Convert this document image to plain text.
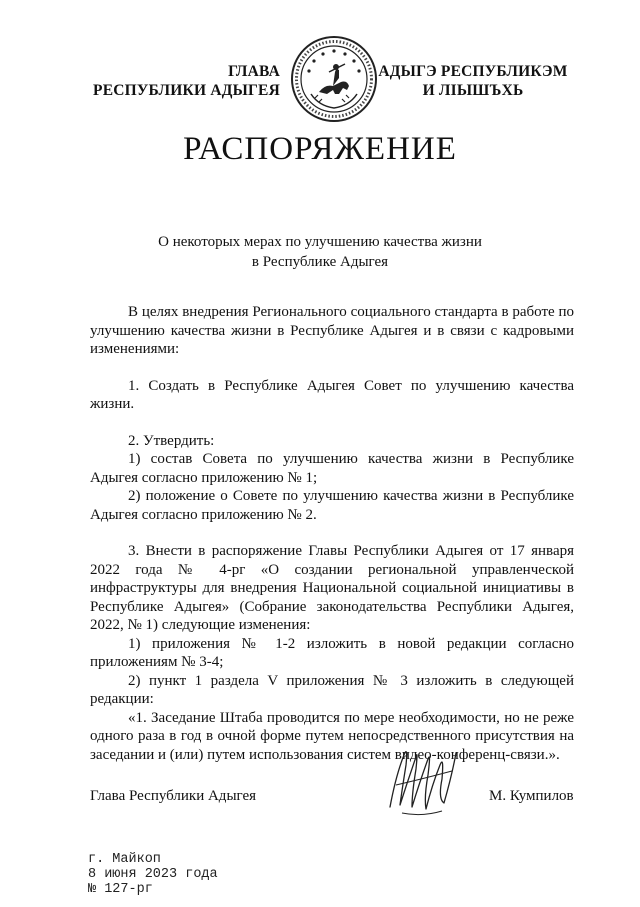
ГЛАВА
РЕСПУБЛИКИ АДЫГЕЯ
АДЫГЭ РЕСПУБЛИКЭМ
И ЛІЫШЪХЬ
РАСПОРЯЖЕНИЕ
О некоторых мерах по улучшению качества жизни
в Республике Адыгея

В целях внедрения Регионального социального стандарта в работе по улучшению качества жизни в Республике Адыгея и в связи с кадровыми изменениями:

1. Создать в Республике Адыгея Совет по улучшению качества жизни.

2. Утвердить:

1) состав Совета по улучшению качества жизни в Республике Адыгея согласно приложению № 1;

2) положение о Совете по улучшению качества жизни в Республике Адыгея согласно приложению № 2.

3. Внести в распоряжение Главы Республики Адыгея от 17 января 2022 года № 4-рг «О создании региональной управленческой инфраструктуры для внедрения Национальной социальной инициативы в Республике Адыгея» (Собрание законодательства Республики Адыгея, 2022, № 1) следующие изменения:

1) приложения № 1-2 изложить в новой редакции согласно приложениям № 3-4;

2) пункт 1 раздела V приложения № 3 изложить в следующей редакции:

«1. Заседание Штаба проводится по мере необходимости, но не реже одного раза в год в очной форме путем непосредственного присутствия на заседании и (или) путем использования систем видео-конференц-связи.».

Глава Республики Адыгея	М. Кумпилов
г. Майкоп
8 июня 2023 года
№ 127-рг
